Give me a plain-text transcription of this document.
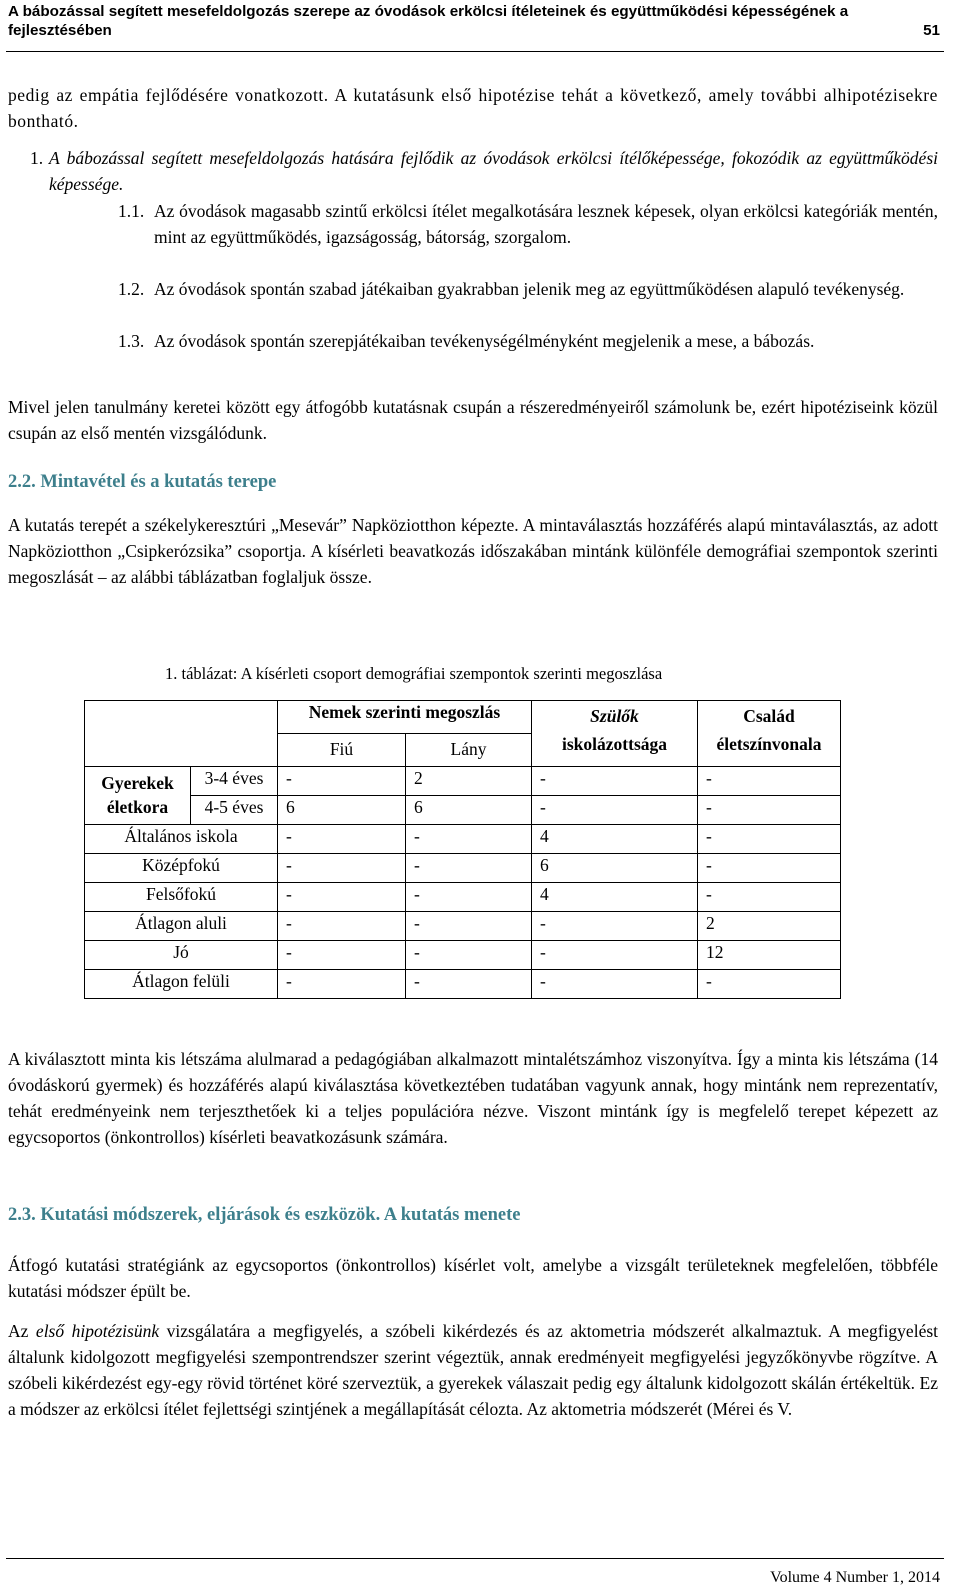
A bábozással segített mesefeldolgozás szerepe az óvodások erkölcsi ítéleteinek és együttműködési képességének a fejlesztésében	51

pedig az empátia fejlődésére vonatkozott. A kutatásunk első hipotézise tehát a következő, amely további alhipotézisekre bontható.

1. A bábozással segített mesefeldolgozás hatására fejlődik az óvodások erkölcsi ítélőképessége, fokozódik az együttműködési képessége.
1.1. Az óvodások magasabb szintű erkölcsi ítélet megalkotására lesznek képesek, olyan erkölcsi kategóriák mentén, mint az együttműködés, igazságosság, bátorság, szorgalom.
1.2. Az óvodások spontán szabad játékaiban gyakrabban jelenik meg az együttműködésen alapuló tevékenység.
1.3. Az óvodások spontán szerepjátékaiban tevékenységélményként megjelenik a mese, a bábozás.

Mivel jelen tanulmány keretei között egy átfogóbb kutatásnak csupán a részeredményeiről számolunk be, ezért hipotéziseink közül csupán az első mentén vizsgálódunk.

2.2. Mintavétel és a kutatás terepe

A kutatás terepét a székelykeresztúri „Mesevár” Napköziotthon képezte. A mintaválasztás hozzáférés alapú mintaválasztás, az adott Napköziotthon „Csipkerózsika” csoportja. A kísérleti beavatkozás időszakában mintánk különféle demográfiai szempontok szerinti megoszlását – az alábbi táblázatban foglaljuk össze.

1. táblázat: A kísérleti csoport demográfiai szempontok szerinti megoszlása
		Nemek szerinti megoszlás		Szülők	Család
		Fiú	Lány	iskolázottsága	életszínvonala
Gyerekek
életkora	3-4 éves	-	2	-	-
	4-5 éves	6	6	-	-
Általános iskola		-	-	4	-
Középfokú		-	-	6	-
Felsőfokú		-	-	4	-
Átlagon aluli		-	-	-	2
Jó		-	-	-	12
Átlagon felüli		-	-	-	-

A kiválasztott minta kis létszáma alulmarad a pedagógiában alkalmazott mintalétszámhoz viszonyítva. Így a minta kis létszáma (14 óvodáskorú gyermek) és hozzáférés alapú kiválasztása következtében tudatában vagyunk annak, hogy mintánk nem reprezentatív, tehát eredményeink nem terjeszthetőek ki a teljes populációra nézve. Viszont mintánk így is megfelelő terepet képezett az egycsoportos (önkontrollos) kísérleti beavatkozásunk számára.

2.3. Kutatási módszerek, eljárások és eszközök. A kutatás menete

Átfogó kutatási stratégiánk az egycsoportos (önkontrollos) kísérlet volt, amelybe a vizsgált területeknek megfelelően, többféle kutatási módszer épült be.

Az első hipotézisünk vizsgálatára a megfigyelés, a szóbeli kikérdezés és az aktometria módszerét alkalmaztuk. A megfigyelést általunk kidolgozott megfigyelési szempontrendszer szerint végeztük, annak eredményeit megfigyelési jegyzőkönyvbe rögzítve. A szóbeli kikérdezést egy-egy rövid történet köré szerveztük, a gyerekek válaszait pedig egy általunk kidolgozott skálán értékeltük. Ez a módszer az erkölcsi ítélet fejlettségi szintjének a megállapítását célozta. Az aktometria módszerét (Mérei és V.

Volume 4 Number 1, 2014
